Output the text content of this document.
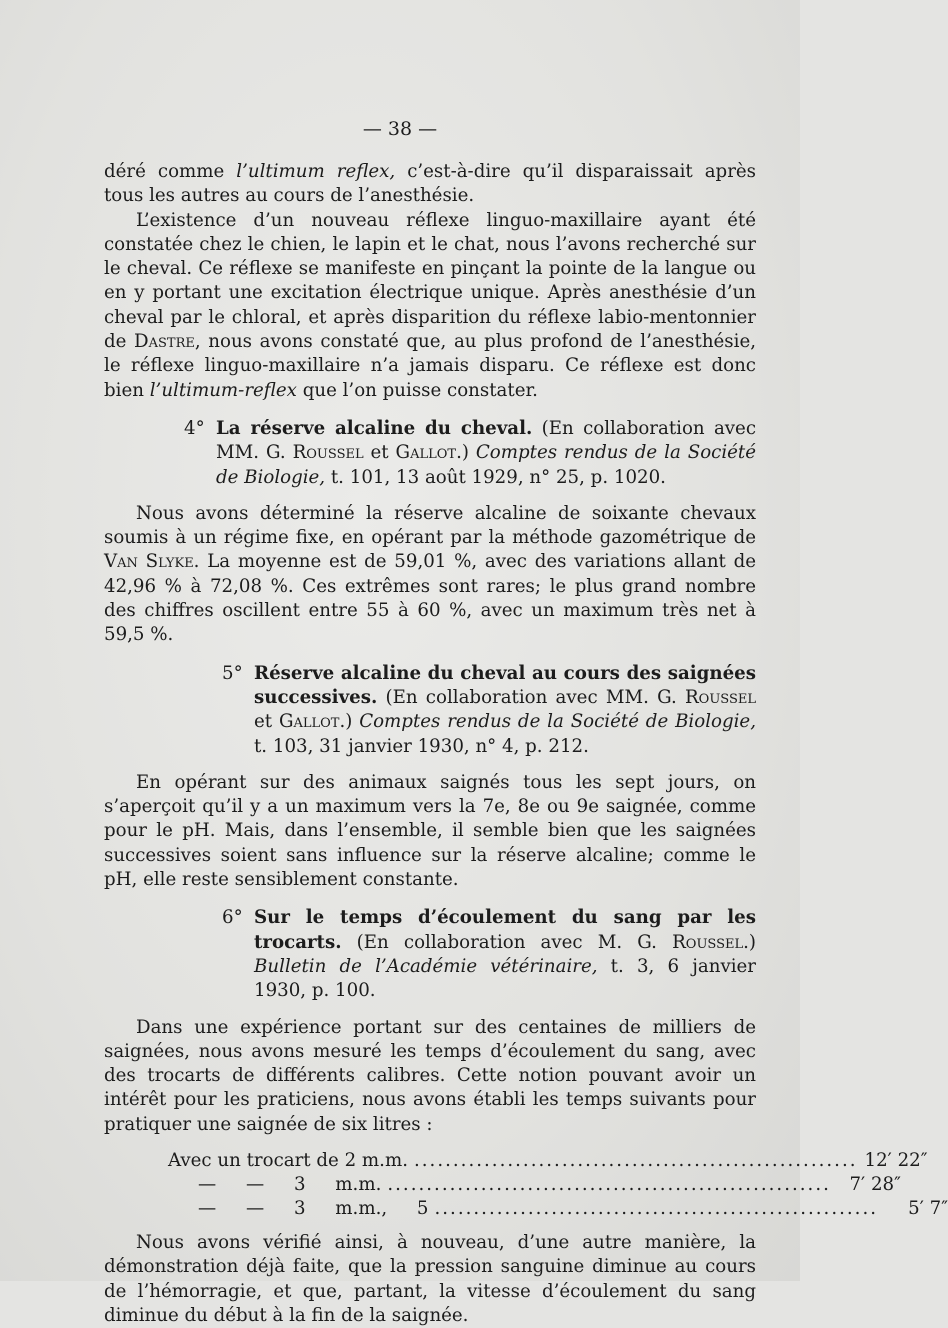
— 38 —

déré comme l’ultimum reflex, c’est-à-dire qu’il disparaissait après tous les autres au cours de l’anesthésie.

L’existence d’un nouveau réflexe linguo-maxillaire ayant été constatée chez le chien, le lapin et le chat, nous l’avons recherché sur le cheval. Ce réflexe se manifeste en pinçant la pointe de la langue ou en y portant une excitation électrique unique. Après anesthésie d’un cheval par le chloral, et après disparition du réflexe labio-mentonnier de Dastre, nous avons constaté que, au plus profond de l’anesthésie, le réflexe linguo-maxillaire n’a jamais disparu. Ce réflexe est donc bien l’ultimum-reflex que l’on puisse constater.

4° La réserve alcaline du cheval. (En collaboration avec MM. G. Roussel et Gallot.) Comptes rendus de la Société de Biologie, t. 101, 13 août 1929, n° 25, p. 1020.

Nous avons déterminé la réserve alcaline de soixante chevaux soumis à un régime fixe, en opérant par la méthode gazométrique de Van Slyke. La moyenne est de 59,01 %, avec des variations allant de 42,96 % à 72,08 %. Ces extrêmes sont rares; le plus grand nombre des chiffres oscillent entre 55 à 60 %, avec un maximum très net à 59,5 %.

5° Réserve alcaline du cheval au cours des saignées successives. (En collaboration avec MM. G. Roussel et Gallot.) Comptes rendus de la Société de Biologie, t. 103, 31 janvier 1930, n° 4, p. 212.

En opérant sur des animaux saignés tous les sept jours, on s’aperçoit qu’il y a un maximum vers la 7e, 8e ou 9e saignée, comme pour le pH. Mais, dans l’ensemble, il semble bien que les saignées successives soient sans influence sur la réserve alcaline; comme le pH, elle reste sensiblement constante.

6° Sur le temps d’écoulement du sang par les trocarts. (En collaboration avec M. G. Roussel.) Bulletin de l’Académie vétérinaire, t. 3, 6 janvier 1930, p. 100.

Dans une expérience portant sur des centaines de milliers de saignées, nous avons mesuré les temps d’écoulement du sang, avec des trocarts de différents calibres. Cette notion pouvant avoir un intérêt pour les praticiens, nous avons établi les temps suivants pour pratiquer une saignée de six litres :

Avec un trocart de 2 m.m. ......................................................... 12′ 22″
— — 3 m.m. .........................................................	7′ 28″
— — 3 m.m., 5 .........................................................	5′ 7″

Nous avons vérifié ainsi, à nouveau, d’une autre manière, la démonstration déjà faite, que la pression sanguine diminue au cours de l’hémorragie, et que, partant, la vitesse d’écoulement du sang diminue du début à la fin de la saignée.
